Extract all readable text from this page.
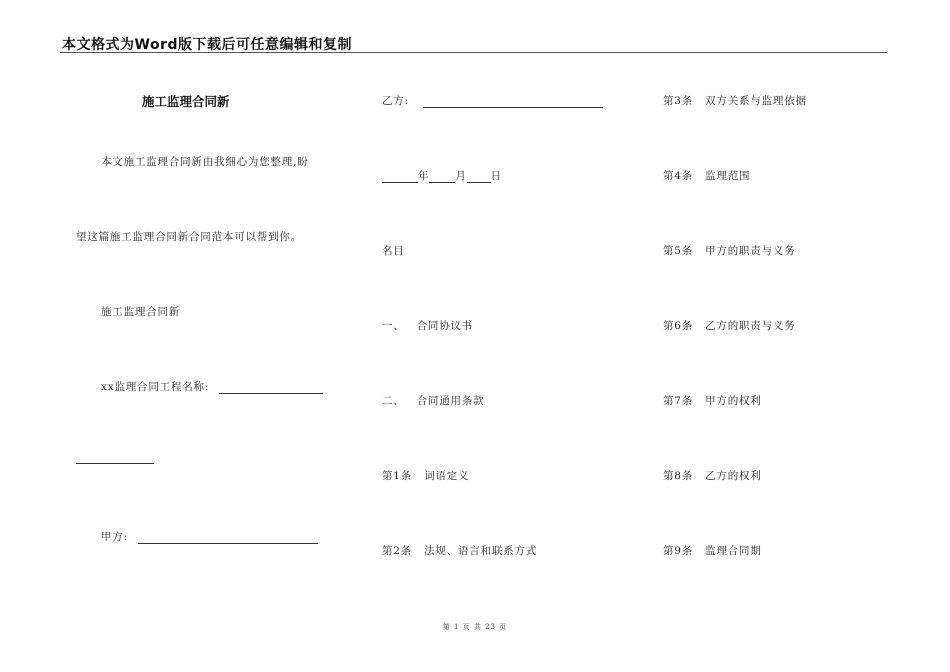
本文格式为Word版下载后可任意编辑和复制
施工监理合同新
本文施工监理合同新由我细心为您整理,盼
望这篇施工监理合同新合同范本可以帮到你。
施工监理合同新
xx监理合同工程名称:
甲方:
乙方:
年 月 日
名目
一、 合同协议书
二、 合同通用条款
第1条 词语定义
第2条 法规、语言和联系方式
第3条 双方关系与监理依据
第4条 监理范围
第5条 甲方的职责与义务
第6条 乙方的职责与义务
第7条 甲方的权利
第8条 乙方的权利
第9条 监理合同期
第 1 页 共 23 页
